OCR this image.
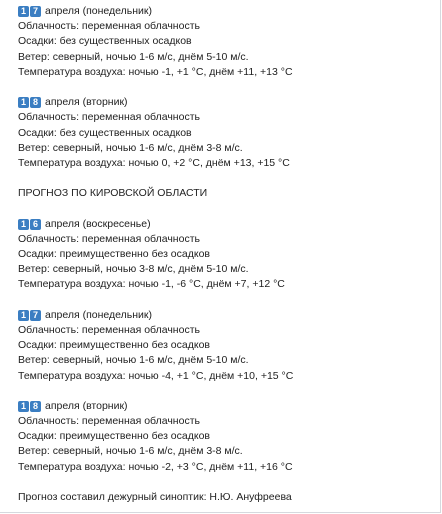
1 7 апреля (понедельник)
Облачность: переменная облачность
Осадки: без существенных осадков
Ветер: северный, ночью 1-6 м/с, днём 5-10 м/с.
Температура воздуха: ночью -1, +1 °С, днём +11, +13 °С
1 8 апреля (вторник)
Облачность: переменная облачность
Осадки: без существенных осадков
Ветер: северный, ночью 1-6 м/с, днём 3-8 м/с.
Температура воздуха: ночью 0, +2 °С, днём +13, +15 °С
ПРОГНОЗ ПО КИРОВСКОЙ ОБЛАСТИ
1 6 апреля (воскресенье)
Облачность: переменная облачность
Осадки: преимущественно без осадков
Ветер: северный, ночью 3-8 м/с, днём 5-10 м/с.
Температура воздуха: ночью -1, -6 °С, днём +7, +12 °С
1 7 апреля (понедельник)
Облачность: переменная облачность
Осадки: преимущественно без осадков
Ветер: северный, ночью 1-6 м/с, днём 5-10 м/с.
Температура воздуха: ночью -4, +1 °С, днём +10, +15 °С
1 8 апреля (вторник)
Облачность: переменная облачность
Осадки: преимущественно без осадков
Ветер: северный, ночью 1-6 м/с, днём 3-8 м/с.
Температура воздуха: ночью -2, +3 °С, днём +11, +16 °С
Прогноз составил дежурный синоптик: Н.Ю. Ануфреева
